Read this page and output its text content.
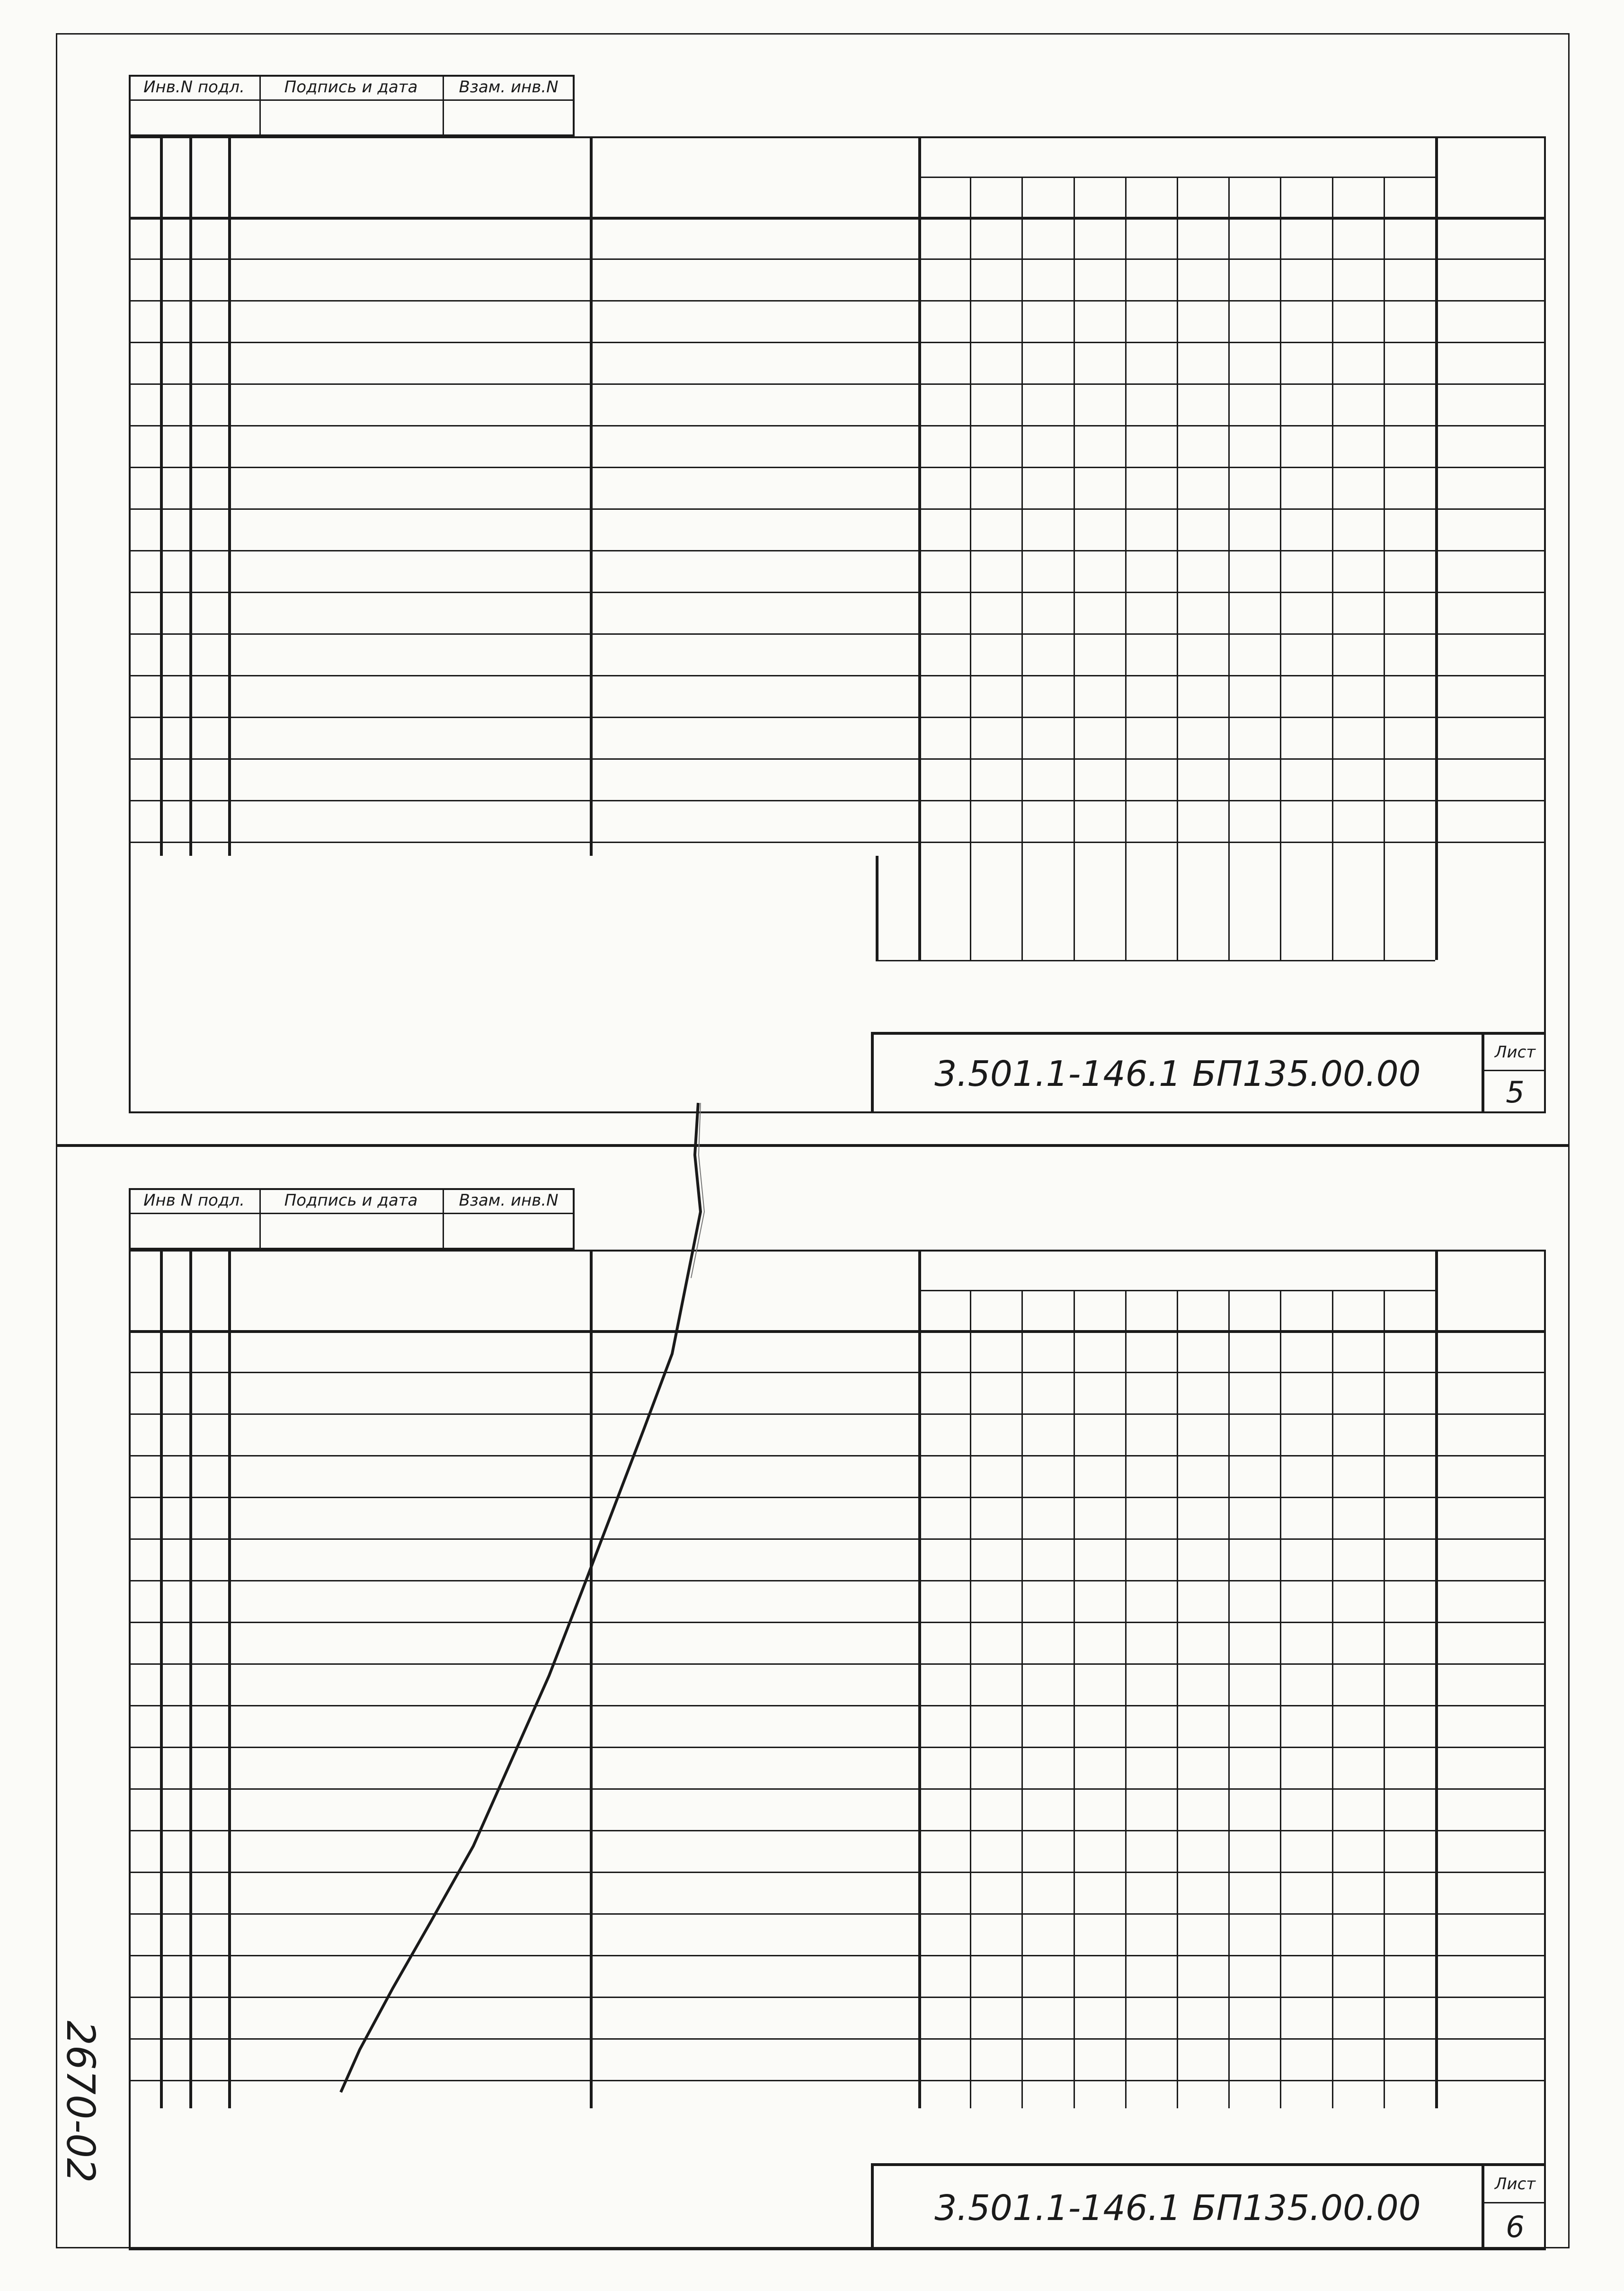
Инв.N подл.	Подпись и дата	Взам. инв.N
3.501.1-146.1 БП135.00.00
Лист
5
Инв N подл.	Подпись и дата	Взам. инв.N
3.501.1-146.1 БП135.00.00
Лист
6
2670-02
